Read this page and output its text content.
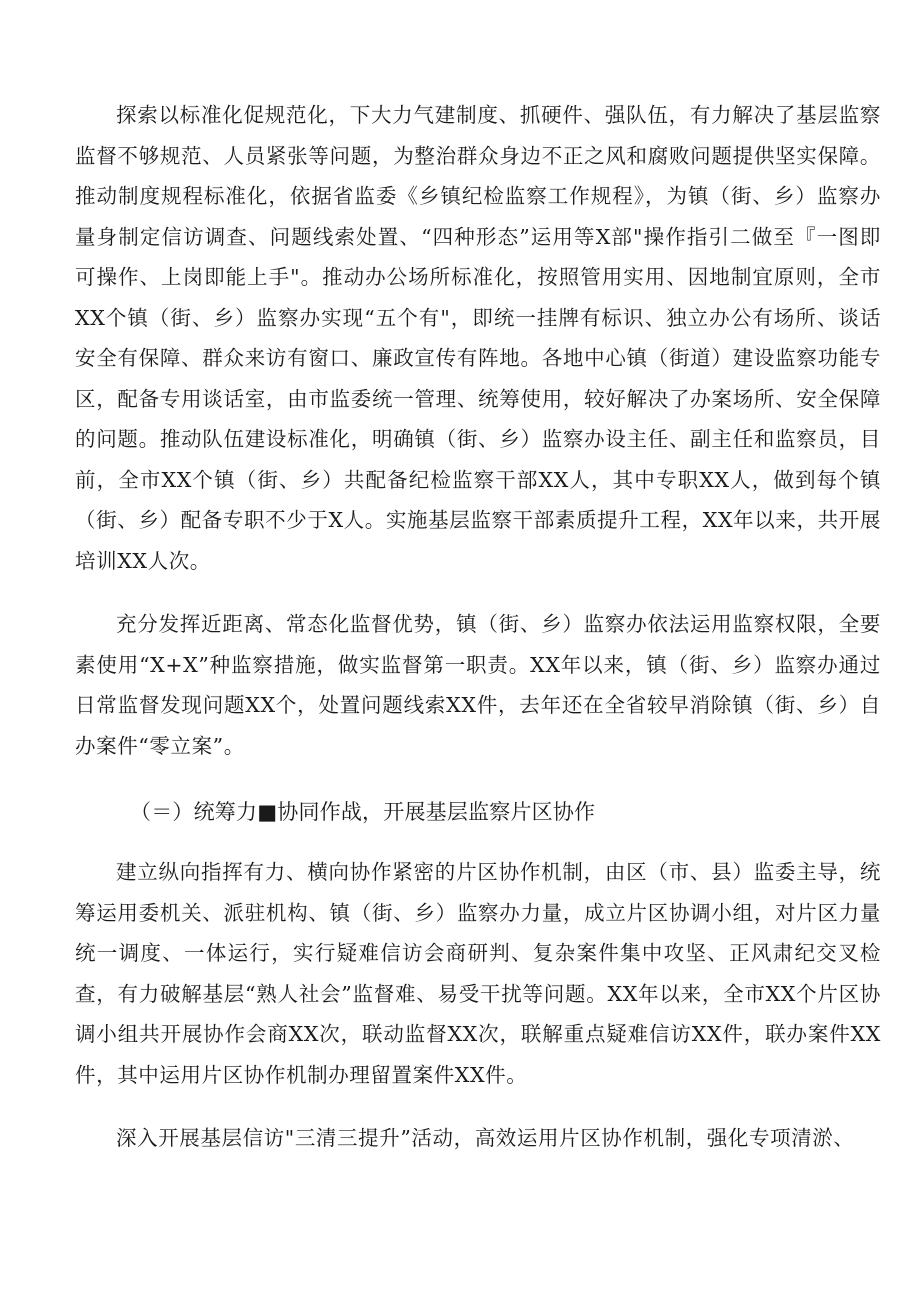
探索以标准化促规范化，下大力气建制度、抓硬件、强队伍，有力解决了基层监察监督不够规范、人员紧张等问题，为整治群众身边不正之风和腐败问题提供坚实保障。推动制度规程标准化，依据省监委《乡镇纪检监察工作规程》，为镇（街、乡）监察办量身制定信访调查、问题线索处置、“四种形态”运用等X部"操作指引二做至『一图即可操作、上岗即能上手"。推动办公场所标准化，按照管用实用、因地制宜原则，全市XX个镇（街、乡）监察办实现“五个有"，即统一挂牌有标识、独立办公有场所、谈话安全有保障、群众来访有窗口、廉政宣传有阵地。各地中心镇（街道）建设监察功能专区，配备专用谈话室，由市监委统一管理、统筹使用，较好解决了办案场所、安全保障的问题。推动队伍建设标准化，明确镇（街、乡）监察办设主任、副主任和监察员，目前，全市XX个镇（街、乡）共配备纪检监察干部XX人，其中专职XX人，做到每个镇（街、乡）配备专职不少于X人。实施基层监察干部素质提升工程，XX年以来，共开展培训XX人次。

充分发挥近距离、常态化监督优势，镇（街、乡）监察办依法运用监察权限，全要素使用“X+X”种监察措施，做实监督第一职责。XX年以来，镇（街、乡）监察办通过日常监督发现问题XX个，处置问题线索XX件，去年还在全省较早消除镇（街、乡）自办案件“零立案”。

（＝）统筹力■协同作战，开展基层监察片区协作

建立纵向指挥有力、横向协作紧密的片区协作机制，由区（市、县）监委主导，统筹运用委机关、派驻机构、镇（街、乡）监察办力量，成立片区协调小组，对片区力量统一调度、一体运行，实行疑难信访会商研判、复杂案件集中攻坚、正风肃纪交叉检查，有力破解基层“熟人社会”监督难、易受干扰等问题。XX年以来，全市XX个片区协调小组共开展协作会商XX次，联动监督XX次，联解重点疑难信访XX件，联办案件XX件，其中运用片区协作机制办理留置案件XX件。

深入开展基层信访"三清三提升”活动，高效运用片区协作机制，强化专项清淤、
